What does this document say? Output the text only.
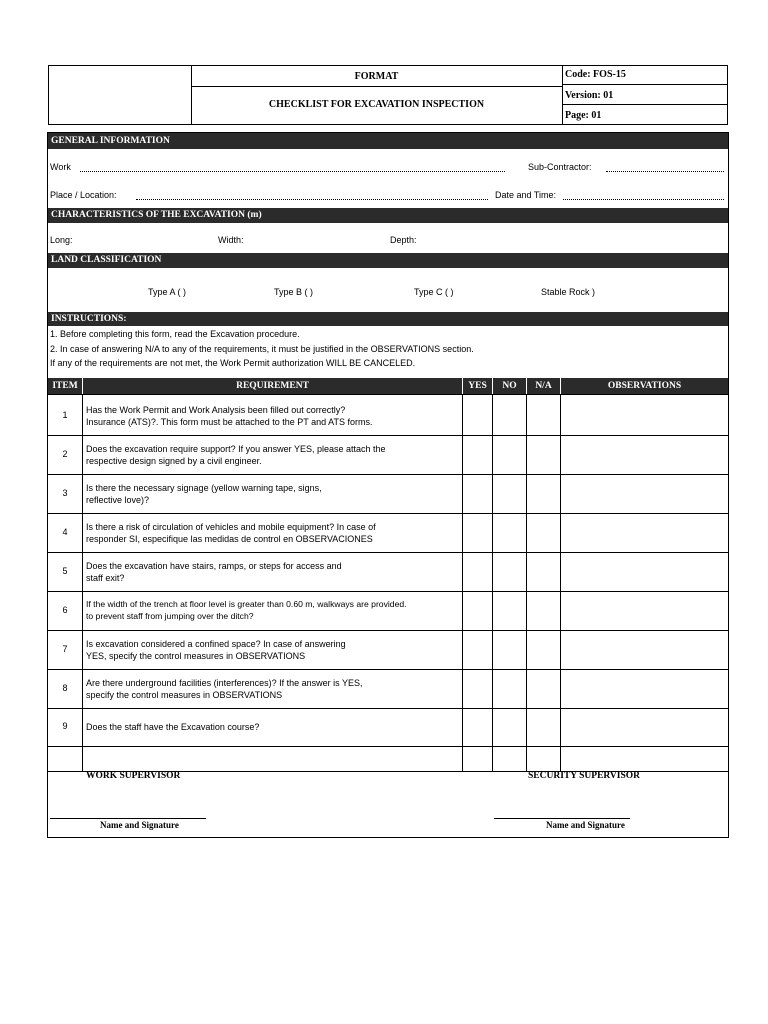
FORMAT
CHECKLIST FOR EXCAVATION INSPECTION
Code: FOS-15
Version: 01
Page: 01
GENERAL INFORMATION
Work	Sub-Contractor:
Place / Location:	Date and Time:
CHARACTERISTICS OF THE EXCAVATION (m)
Long:	Width:	Depth:
LAND CLASSIFICATION
Type A ( )	Type B ( )	Type C ( )	Stable Rock )
INSTRUCTIONS:
1. Before completing this form, read the Excavation procedure.
2. In case of answering N/A to any of the requirements, it must be justified in the OBSERVATIONS section.
If any of the requirements are not met, the Work Permit authorization WILL BE CANCELED.
ITEM	REQUIREMENT	YES	NO	N/A	OBSERVATIONS
1	Has the Work Permit and Work Analysis been filled out correctly?
Insurance (ATS)?. This form must be attached to the PT and ATS forms.
2	Does the excavation require support? If you answer YES, please attach the
respective design signed by a civil engineer.
3	Is there the necessary signage (yellow warning tape, signs,
reflective love)?
4	Is there a risk of circulation of vehicles and mobile equipment? In case of
responder SI, especifique las medidas de control en OBSERVACIONES
5	Does the excavation have stairs, ramps, or steps for access and
staff exit?
6
If the width of the trench at floor level is greater than 0.60 m, walkways are provided.
to prevent staff from jumping over the ditch?
7	Is excavation considered a confined space? In case of answering
YES, specify the control measures in OBSERVATIONS
8	Are there underground facilities (interferences)? If the answer is YES,
specify the control measures in OBSERVATIONS
9	Does the staff have the Excavation course?
WORK SUPERVISOR	SECURITY SUPERVISOR
Name and Signature	Name and Signature
